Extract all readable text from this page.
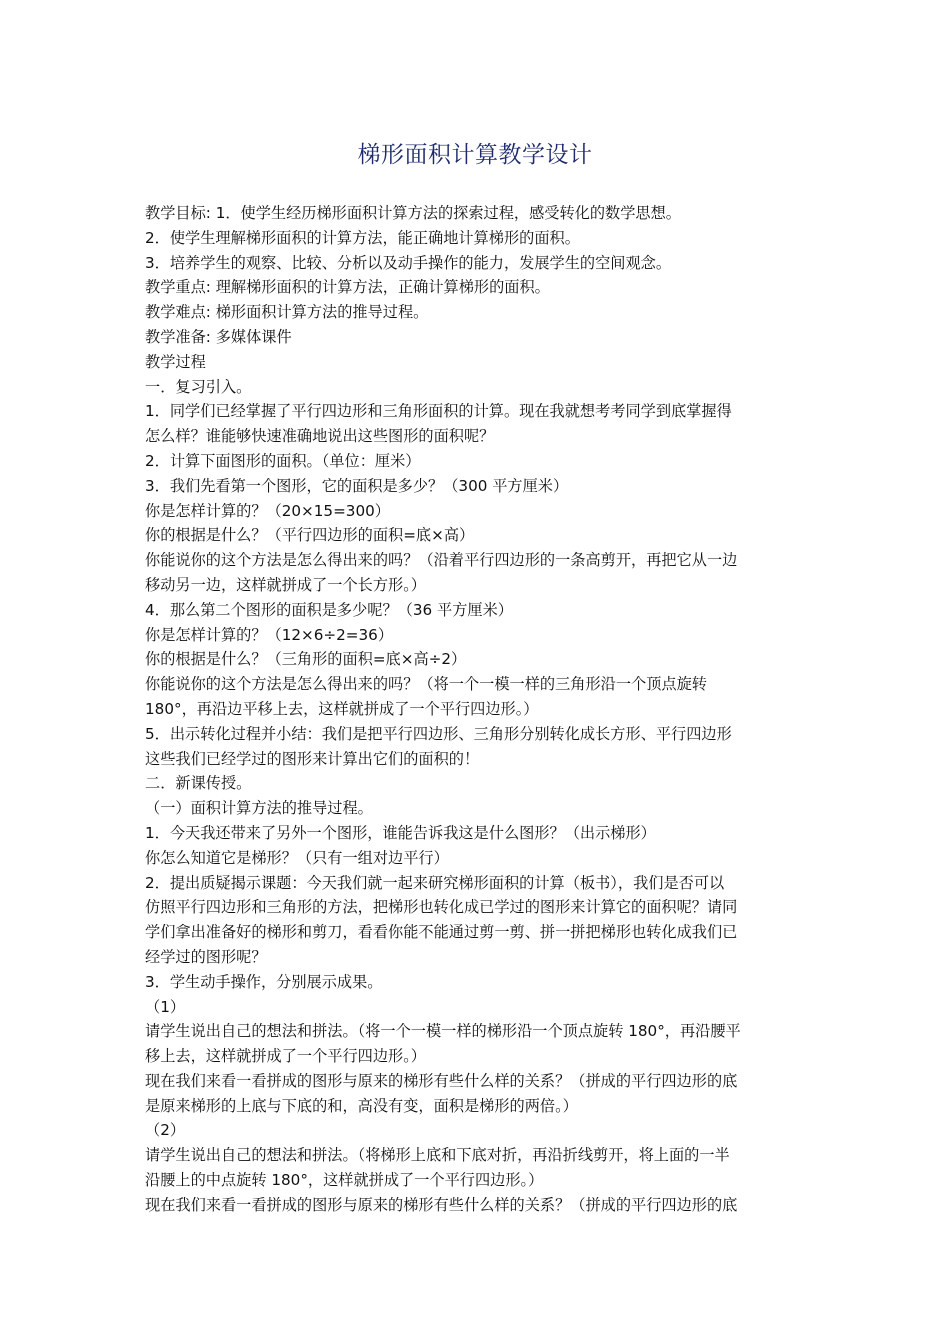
梯形面积计算教学设计
教学目标: 1．使学生经历梯形面积计算方法的探索过程，感受转化的数学思想。
2．使学生理解梯形面积的计算方法，能正确地计算梯形的面积。
3．培养学生的观察、比较、分析以及动手操作的能力，发展学生的空间观念。
教学重点: 理解梯形面积的计算方法，正确计算梯形的面积。
教学难点: 梯形面积计算方法的推导过程。
教学准备: 多媒体课件
教学过程
一．复习引入。
1．同学们已经掌握了平行四边形和三角形面积的计算。现在我就想考考同学到底掌握得
怎么样？谁能够快速准确地说出这些图形的面积呢？
2．计算下面图形的面积。（单位：厘米）
3．我们先看第一个图形，它的面积是多少？（300 平方厘米）
你是怎样计算的？（20×15=300）
你的根据是什么？（平行四边形的面积=底×高）
你能说你的这个方法是怎么得出来的吗？（沿着平行四边形的一条高剪开，再把它从一边
移动另一边，这样就拼成了一个长方形。）
4．那么第二个图形的面积是多少呢？（36 平方厘米）
你是怎样计算的？（12×6÷2=36）
你的根据是什么？（三角形的面积=底×高÷2）
你能说你的这个方法是怎么得出来的吗？（将一个一模一样的三角形沿一个顶点旋转
180°，再沿边平移上去，这样就拼成了一个平行四边形。）
5．出示转化过程并小结：我们是把平行四边形、三角形分别转化成长方形、平行四边形
这些我们已经学过的图形来计算出它们的面积的！
二．新课传授。
（一）面积计算方法的推导过程。
1．今天我还带来了另外一个图形，谁能告诉我这是什么图形？（出示梯形）
你怎么知道它是梯形？（只有一组对边平行）
2．提出质疑揭示课题：今天我们就一起来研究梯形面积的计算（板书），我们是否可以
仿照平行四边形和三角形的方法，把梯形也转化成已学过的图形来计算它的面积呢？请同
学们拿出准备好的梯形和剪刀，看看你能不能通过剪一剪、拼一拼把梯形也转化成我们已
经学过的图形呢？
3．学生动手操作，分别展示成果。
（1）
请学生说出自己的想法和拼法。（将一个一模一样的梯形沿一个顶点旋转 180°，再沿腰平
移上去，这样就拼成了一个平行四边形。）
现在我们来看一看拼成的图形与原来的梯形有些什么样的关系？（拼成的平行四边形的底
是原来梯形的上底与下底的和，高没有变，面积是梯形的两倍。）
（2）
请学生说出自己的想法和拼法。（将梯形上底和下底对折，再沿折线剪开，将上面的一半
沿腰上的中点旋转 180°，这样就拼成了一个平行四边形。）
现在我们来看一看拼成的图形与原来的梯形有些什么样的关系？（拼成的平行四边形的底
